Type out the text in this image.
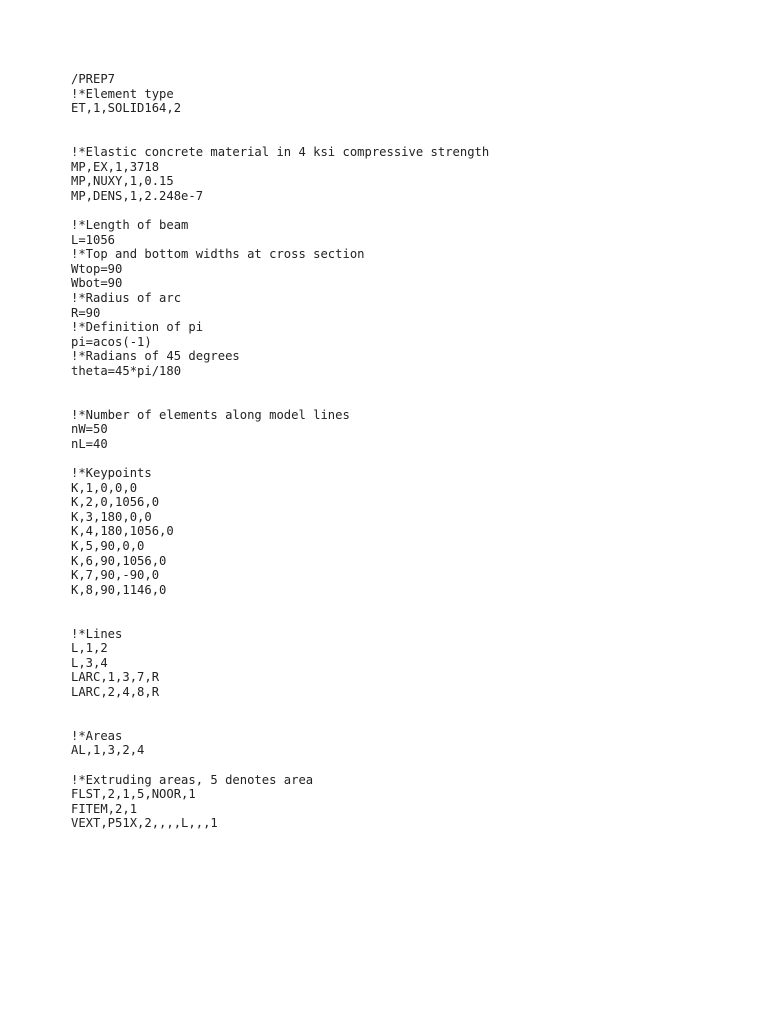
/PREP7
!*Element type
ET,1,SOLID164,2
!*Elastic concrete material in 4 ksi compressive strength
MP,EX,1,3718
MP,NUXY,1,0.15
MP,DENS,1,2.248e-7
!*Length of beam
L=1056
!*Top and bottom widths at cross section
Wtop=90
Wbot=90
!*Radius of arc
R=90
!*Definition of pi
pi=acos(-1)
!*Radians of 45 degrees
theta=45*pi/180
!*Number of elements along model lines
nW=50
nL=40
!*Keypoints
K,1,0,0,0
K,2,0,1056,0
K,3,180,0,0
K,4,180,1056,0
K,5,90,0,0
K,6,90,1056,0
K,7,90,-90,0
K,8,90,1146,0
!*Lines
L,1,2
L,3,4
LARC,1,3,7,R
LARC,2,4,8,R
!*Areas
AL,1,3,2,4
!*Extruding areas, 5 denotes area
FLST,2,1,5,NOOR,1
FITEM,2,1
VEXT,P51X,2,,,,L,,,1
